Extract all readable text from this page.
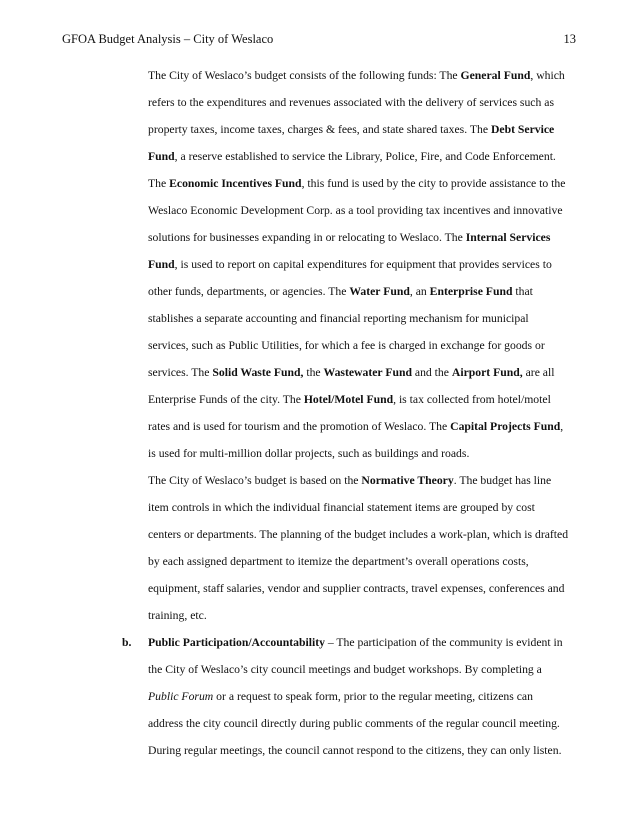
GFOA Budget Analysis – City of Weslaco	13
b.
The City of Weslaco’s budget consists of the following funds: The General Fund, which
refers to the expenditures and revenues associated with the delivery of services such as
property taxes, income taxes, charges & fees, and state shared taxes. The Debt Service
Fund, a reserve established to service the Library, Police, Fire, and Code Enforcement.
The Economic Incentives Fund, this fund is used by the city to provide assistance to the
Weslaco Economic Development Corp. as a tool providing tax incentives and innovative
solutions for businesses expanding in or relocating to Weslaco. The Internal Services
Fund, is used to report on capital expenditures for equipment that provides services to
other funds, departments, or agencies. The Water Fund, an Enterprise Fund that
stablishes a separate accounting and financial reporting mechanism for municipal
services, such as Public Utilities, for which a fee is charged in exchange for goods or
services. The Solid Waste Fund, the Wastewater Fund and the Airport Fund, are all
Enterprise Funds of the city. The Hotel/Motel Fund, is tax collected from hotel/motel
rates and is used for tourism and the promotion of Weslaco. The Capital Projects Fund,
is used for multi-million dollar projects, such as buildings and roads.
The City of Weslaco’s budget is based on the Normative Theory. The budget has line
item controls in which the individual financial statement items are grouped by cost
centers or departments. The planning of the budget includes a work-plan, which is drafted
by each assigned department to itemize the department’s overall operations costs,
equipment, staff salaries, vendor and supplier contracts, travel expenses, conferences and
training, etc.
Public Participation/Accountability – The participation of the community is evident in
the City of Weslaco’s city council meetings and budget workshops. By completing a
Public Forum or a request to speak form, prior to the regular meeting, citizens can
address the city council directly during public comments of the regular council meeting.
During regular meetings, the council cannot respond to the citizens, they can only listen.
